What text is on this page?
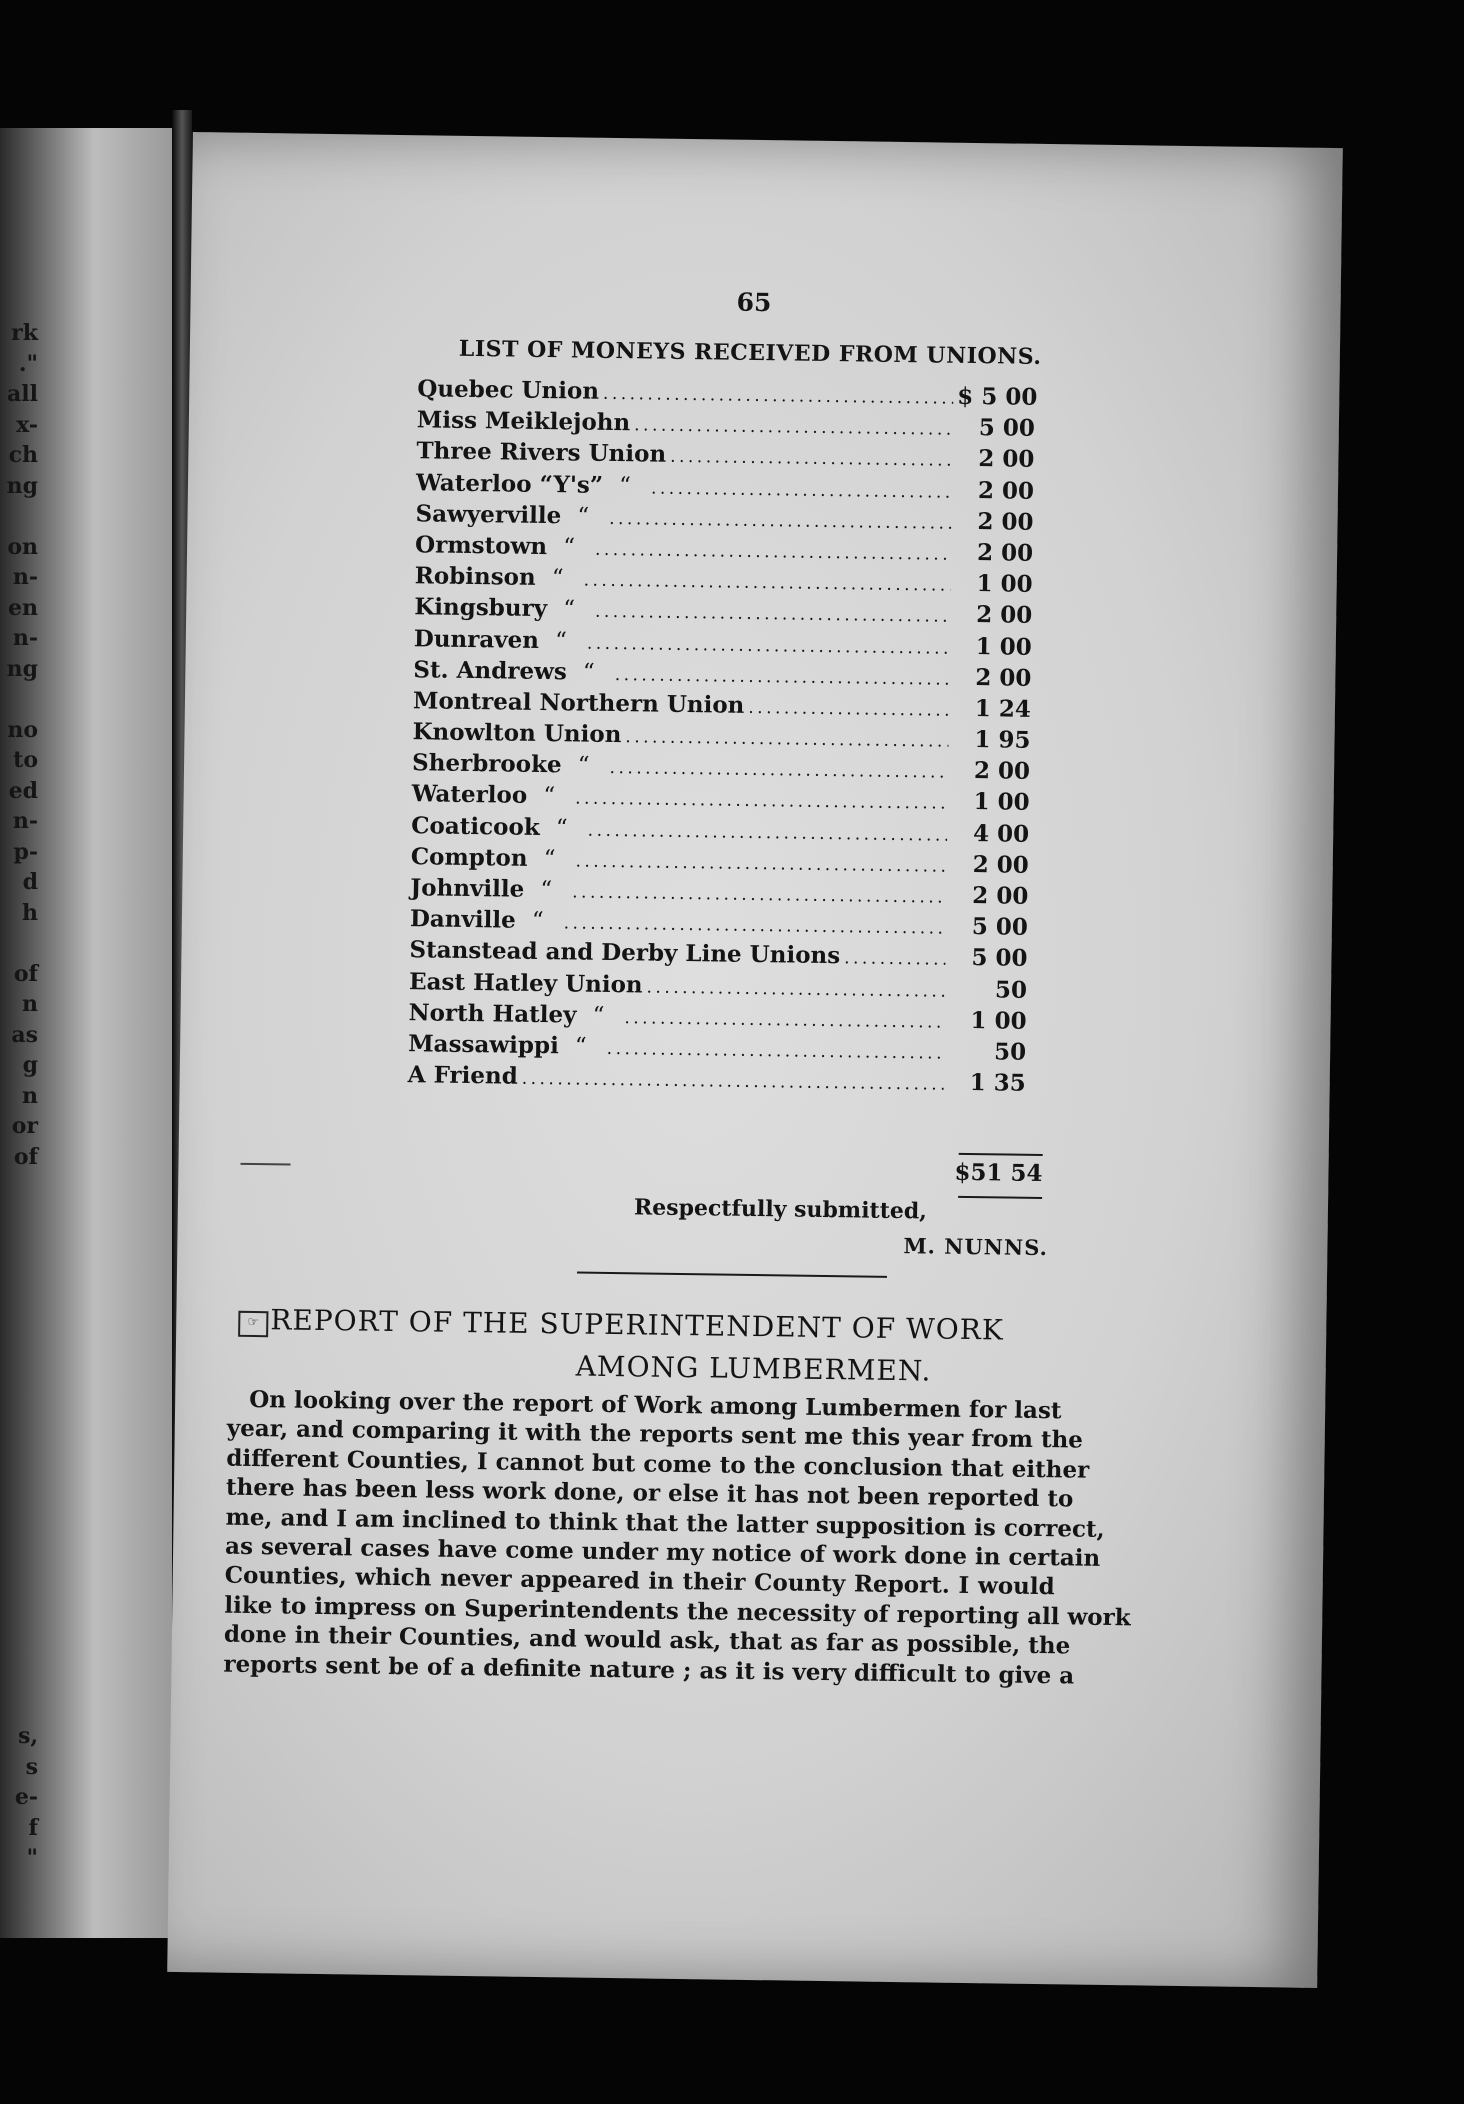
rk
."
all
x-
ch
ng
on
n-
en
n-
ng
no
to
ed
n-
p-
d
h
of
n
as
g
n
or
of
s,
s
e-
f
"
65
LIST OF MONEYS RECEIVED FROM UNIONS.
Quebec Union .....	$ 5 00
Miss Meiklejohn .....	5 00
Three Rivers Union .....	2 00
Waterloo “Y's” “ .....	2 00
Sawyerville “ .....	2 00
Ormstown “ .....	2 00
Robinson “ .....	1 00
Kingsbury “ .....	2 00
Dunraven “ .....	1 00
St. Andrews “ .....	2 00
Montreal Northern Union .....	1 24
Knowlton Union .....	1 95
Sherbrooke “ .....	2 00
Waterloo “ .....	1 00
Coaticook “ .....	4 00
Compton “ .....	2 00
Johnville “ .....	2 00
Danville “ .....	5 00
Stanstead and Derby Line Unions .....	5 00
East Hatley Union .....	50
North Hatley “ .....	1 00
Massawippi “ .....	50
A Friend .....	1 35
$51 54
Respectfully submitted,
M. NUNNS.
☞ REPORT OF THE SUPERINTENDENT OF WORK
AMONG LUMBERMEN.
On looking over the report of Work among Lumbermen for last
year, and comparing it with the reports sent me this year from the
different Counties, I cannot but come to the conclusion that either
there has been less work done, or else it has not been reported to
me, and I am inclined to think that the latter supposition is correct,
as several cases have come under my notice of work done in certain
Counties, which never appeared in their County Report. I would
like to impress on Superintendents the necessity of reporting all work
done in their Counties, and would ask, that as far as possible, the
reports sent be of a definite nature ; as it is very difficult to give a
